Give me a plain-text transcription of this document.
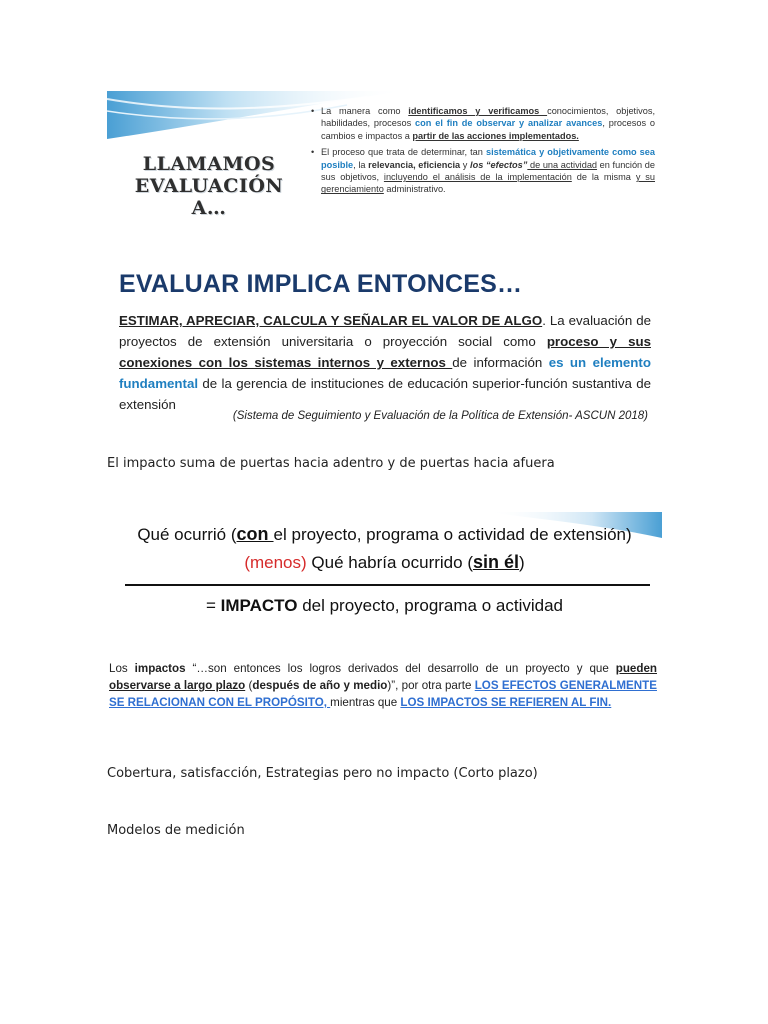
LLAMAMOS
EVALUACIÓN A…
• La manera como identificamos y verificamos conocimientos, objetivos, habilidades, procesos con el fin de observar y analizar avances, procesos o cambios e impactos a partir de las acciones implementados.
• El proceso que trata de determinar, tan sistemática y objetivamente como sea posible, la relevancia, eficiencia y los “efectos” de una actividad en función de sus objetivos, incluyendo el análisis de la implementación de la misma y su gerenciamiento administrativo.
EVALUAR IMPLICA ENTONCES…
ESTIMAR, APRECIAR, CALCULA Y SEÑALAR EL VALOR DE ALGO. La evaluación de proyectos de extensión universitaria o proyección social como proceso y sus conexiones con los sistemas internos y externos de información es un elemento fundamental de la gerencia de instituciones de educación superior-función sustantiva de extensión
(Sistema de Seguimiento y Evaluación de la Política de Extensión- ASCUN 2018)
El impacto suma de puertas hacia adentro y de puertas hacia afuera
Qué ocurrió (con el proyecto, programa o actividad de extensión)
(menos) Qué habría ocurrido (sin él)
= IMPACTO del proyecto, programa o actividad
Los impactos “…son entonces los logros derivados del desarrollo de un proyecto y que pueden observarse a largo plazo (después de año y medio)”, por otra parte LOS EFECTOS GENERALMENTE SE RELACIONAN CON EL PROPÓSITO, mientras que LOS IMPACTOS SE REFIEREN AL FIN.
Cobertura, satisfacción, Estrategias pero no impacto (Corto plazo)
Modelos de medición
